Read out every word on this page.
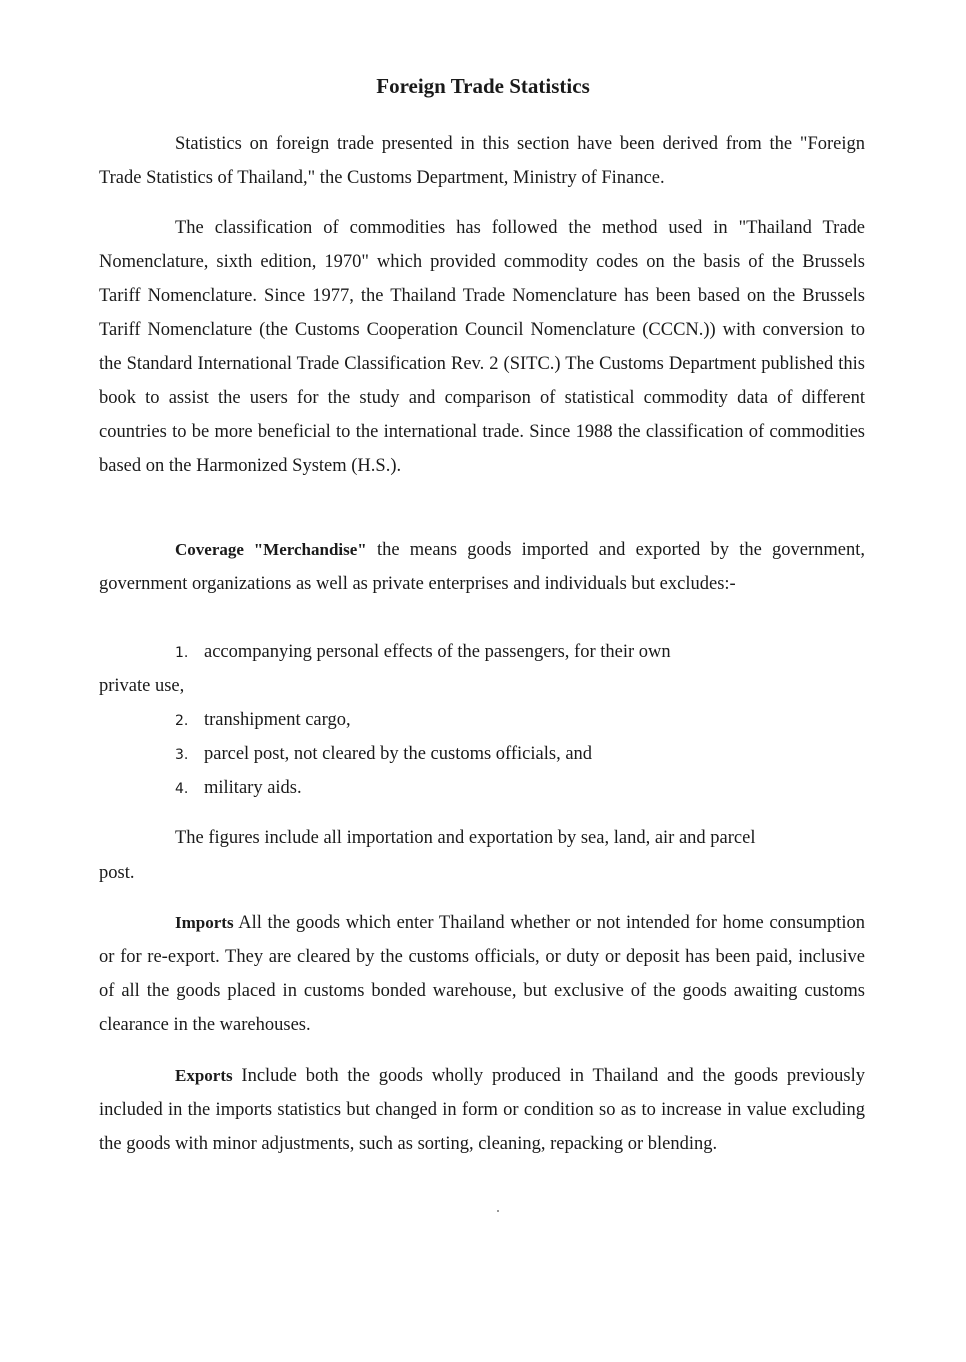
Foreign Trade Statistics
Statistics on foreign trade presented in this section have been derived from the "Foreign Trade Statistics of Thailand," the Customs Department, Ministry of Finance.
The classification of commodities has followed the method used in "Thailand Trade Nomenclature, sixth edition, 1970" which provided commodity codes on the basis of the Brussels Tariff Nomenclature. Since 1977, the Thailand Trade Nomenclature has been based on the Brussels Tariff Nomenclature (the Customs Cooperation Council Nomenclature (CCCN.)) with conversion to the Standard International Trade Classification Rev. 2 (SITC.) The Customs Department published this book to assist the users for the study and comparison of statistical commodity data of different countries to be more beneficial to the international trade. Since 1988 the classification of commodities based on the Harmonized System (H.S.).
Coverage "Merchandise" the means goods imported and exported by the government, government organizations as well as private enterprises and individuals but excludes:-
1. accompanying personal effects of the passengers, for their own
private use,
2. transhipment cargo,
3. parcel post, not cleared by the customs officials, and
4. military aids.
The figures include all importation and exportation by sea, land, air and parcel
post.
Imports All the goods which enter Thailand whether or not intended for home consumption or for re-export. They are cleared by the customs officials, or duty or deposit has been paid, inclusive of all the goods placed in customs bonded warehouse, but exclusive of the goods awaiting customs clearance in the warehouses.
Exports Include both the goods wholly produced in Thailand and the goods previously included in the imports statistics but changed in form or condition so as to increase in value excluding the goods with minor adjustments, such as sorting, cleaning, repacking or blending.
